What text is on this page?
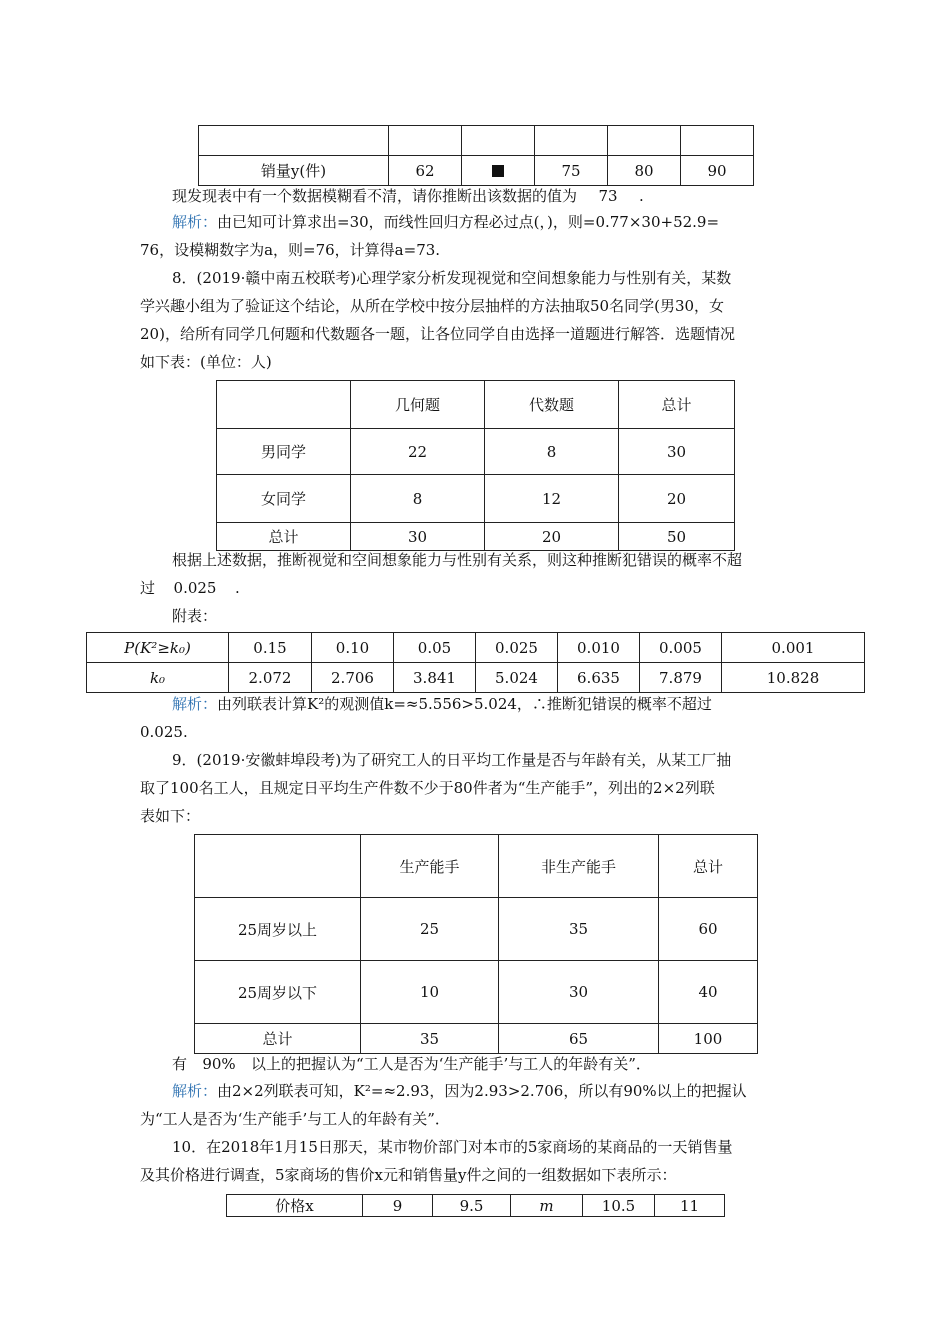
销量y(件)	62		75	80	90
现发现表中有一个数据模糊看不清，请你推断出该数据的值为 73 .
解析：由已知可计算求出=30，而线性回归方程必过点(，)，则=0.77×30+52.9=
76，设模糊数字为a，则=76，计算得a=73.
8．(2019·赣中南五校联考)心理学家分析发现视觉和空间想象能力与性别有关，某数
学兴趣小组为了验证这个结论，从所在学校中按分层抽样的方法抽取50名同学(男30，女
20)，给所有同学几何题和代数题各一题，让各位同学自由选择一道题进行解答．选题情况
如下表：(单位：人)
	几何题	代数题	总计
男同学	22	8	30
女同学	8	12	20
总计	30	20	50
根据上述数据，推断视觉和空间想象能力与性别有关系，则这种推断犯错误的概率不超
过 0.025 .
附表：
P(K²≥k₀)	0.15	0.10	0.05	0.025	0.010	0.005	0.001
k₀	2.072	2.706	3.841	5.024	6.635	7.879	10.828
解析：由列联表计算K²的观测值k=≈5.556>5.024，∴推断犯错误的概率不超过
0.025.
9．(2019·安徽蚌埠段考)为了研究工人的日平均工作量是否与年龄有关，从某工厂抽
取了100名工人，且规定日平均生产件数不少于80件者为“生产能手”，列出的2×2列联
表如下：
	生产能手	非生产能手	总计
25周岁以上	25	35	60
25周岁以下	10	30	40
总计	35	65	100
有 90% 以上的把握认为“工人是否为‘生产能手’与工人的年龄有关”．
解析：由2×2列联表可知，K²=≈2.93，因为2.93>2.706，所以有90%以上的把握认
为“工人是否为‘生产能手’与工人的年龄有关”．
10．在2018年1月15日那天，某市物价部门对本市的5家商场的某商品的一天销售量
及其价格进行调查，5家商场的售价x元和销售量y件之间的一组数据如下表所示：
价格x	9	9.5	m	10.5	11
